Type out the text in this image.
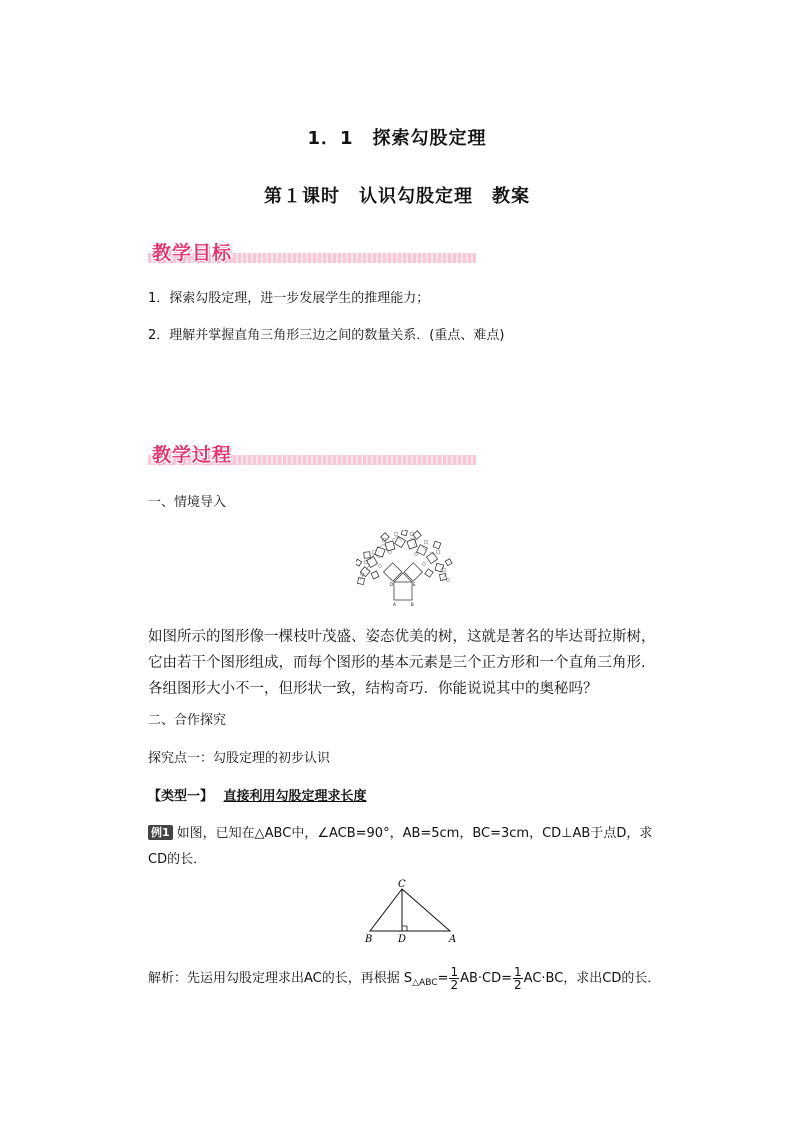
1．1　探索勾股定理
第１课时　认识勾股定理　教案
教学目标
1．探索勾股定理，进一步发展学生的推理能力；
2．理解并掌握直角三角形三边之间的数量关系．(重点、难点)
教学过程
一、情境导入
D	E
A	B
如图所示的图形像一棵枝叶茂盛、姿态优美的树，这就是著名的毕达哥拉斯树，它由若干个图形组成，而每个图形的基本元素是三个正方形和一个直角三角形.各组图形大小不一，但形状一致，结构奇巧．你能说说其中的奥秘吗？
二、合作探究
探究点一：勾股定理的初步认识
【类型一】 直接利用勾股定理求长度
例1 如图，已知在△ABC中，∠ACB=90°，AB=5cm，BC=3cm，CD⊥AB于点D，求CD的长．
C
B	D	A
解析：先运用勾股定理求出AC的长，再根据 $S_{\triangle ABC}= \frac{1}{2} AB\cdot CD= \frac{1}{2} AC\cdot BC$，求出CD的长．
